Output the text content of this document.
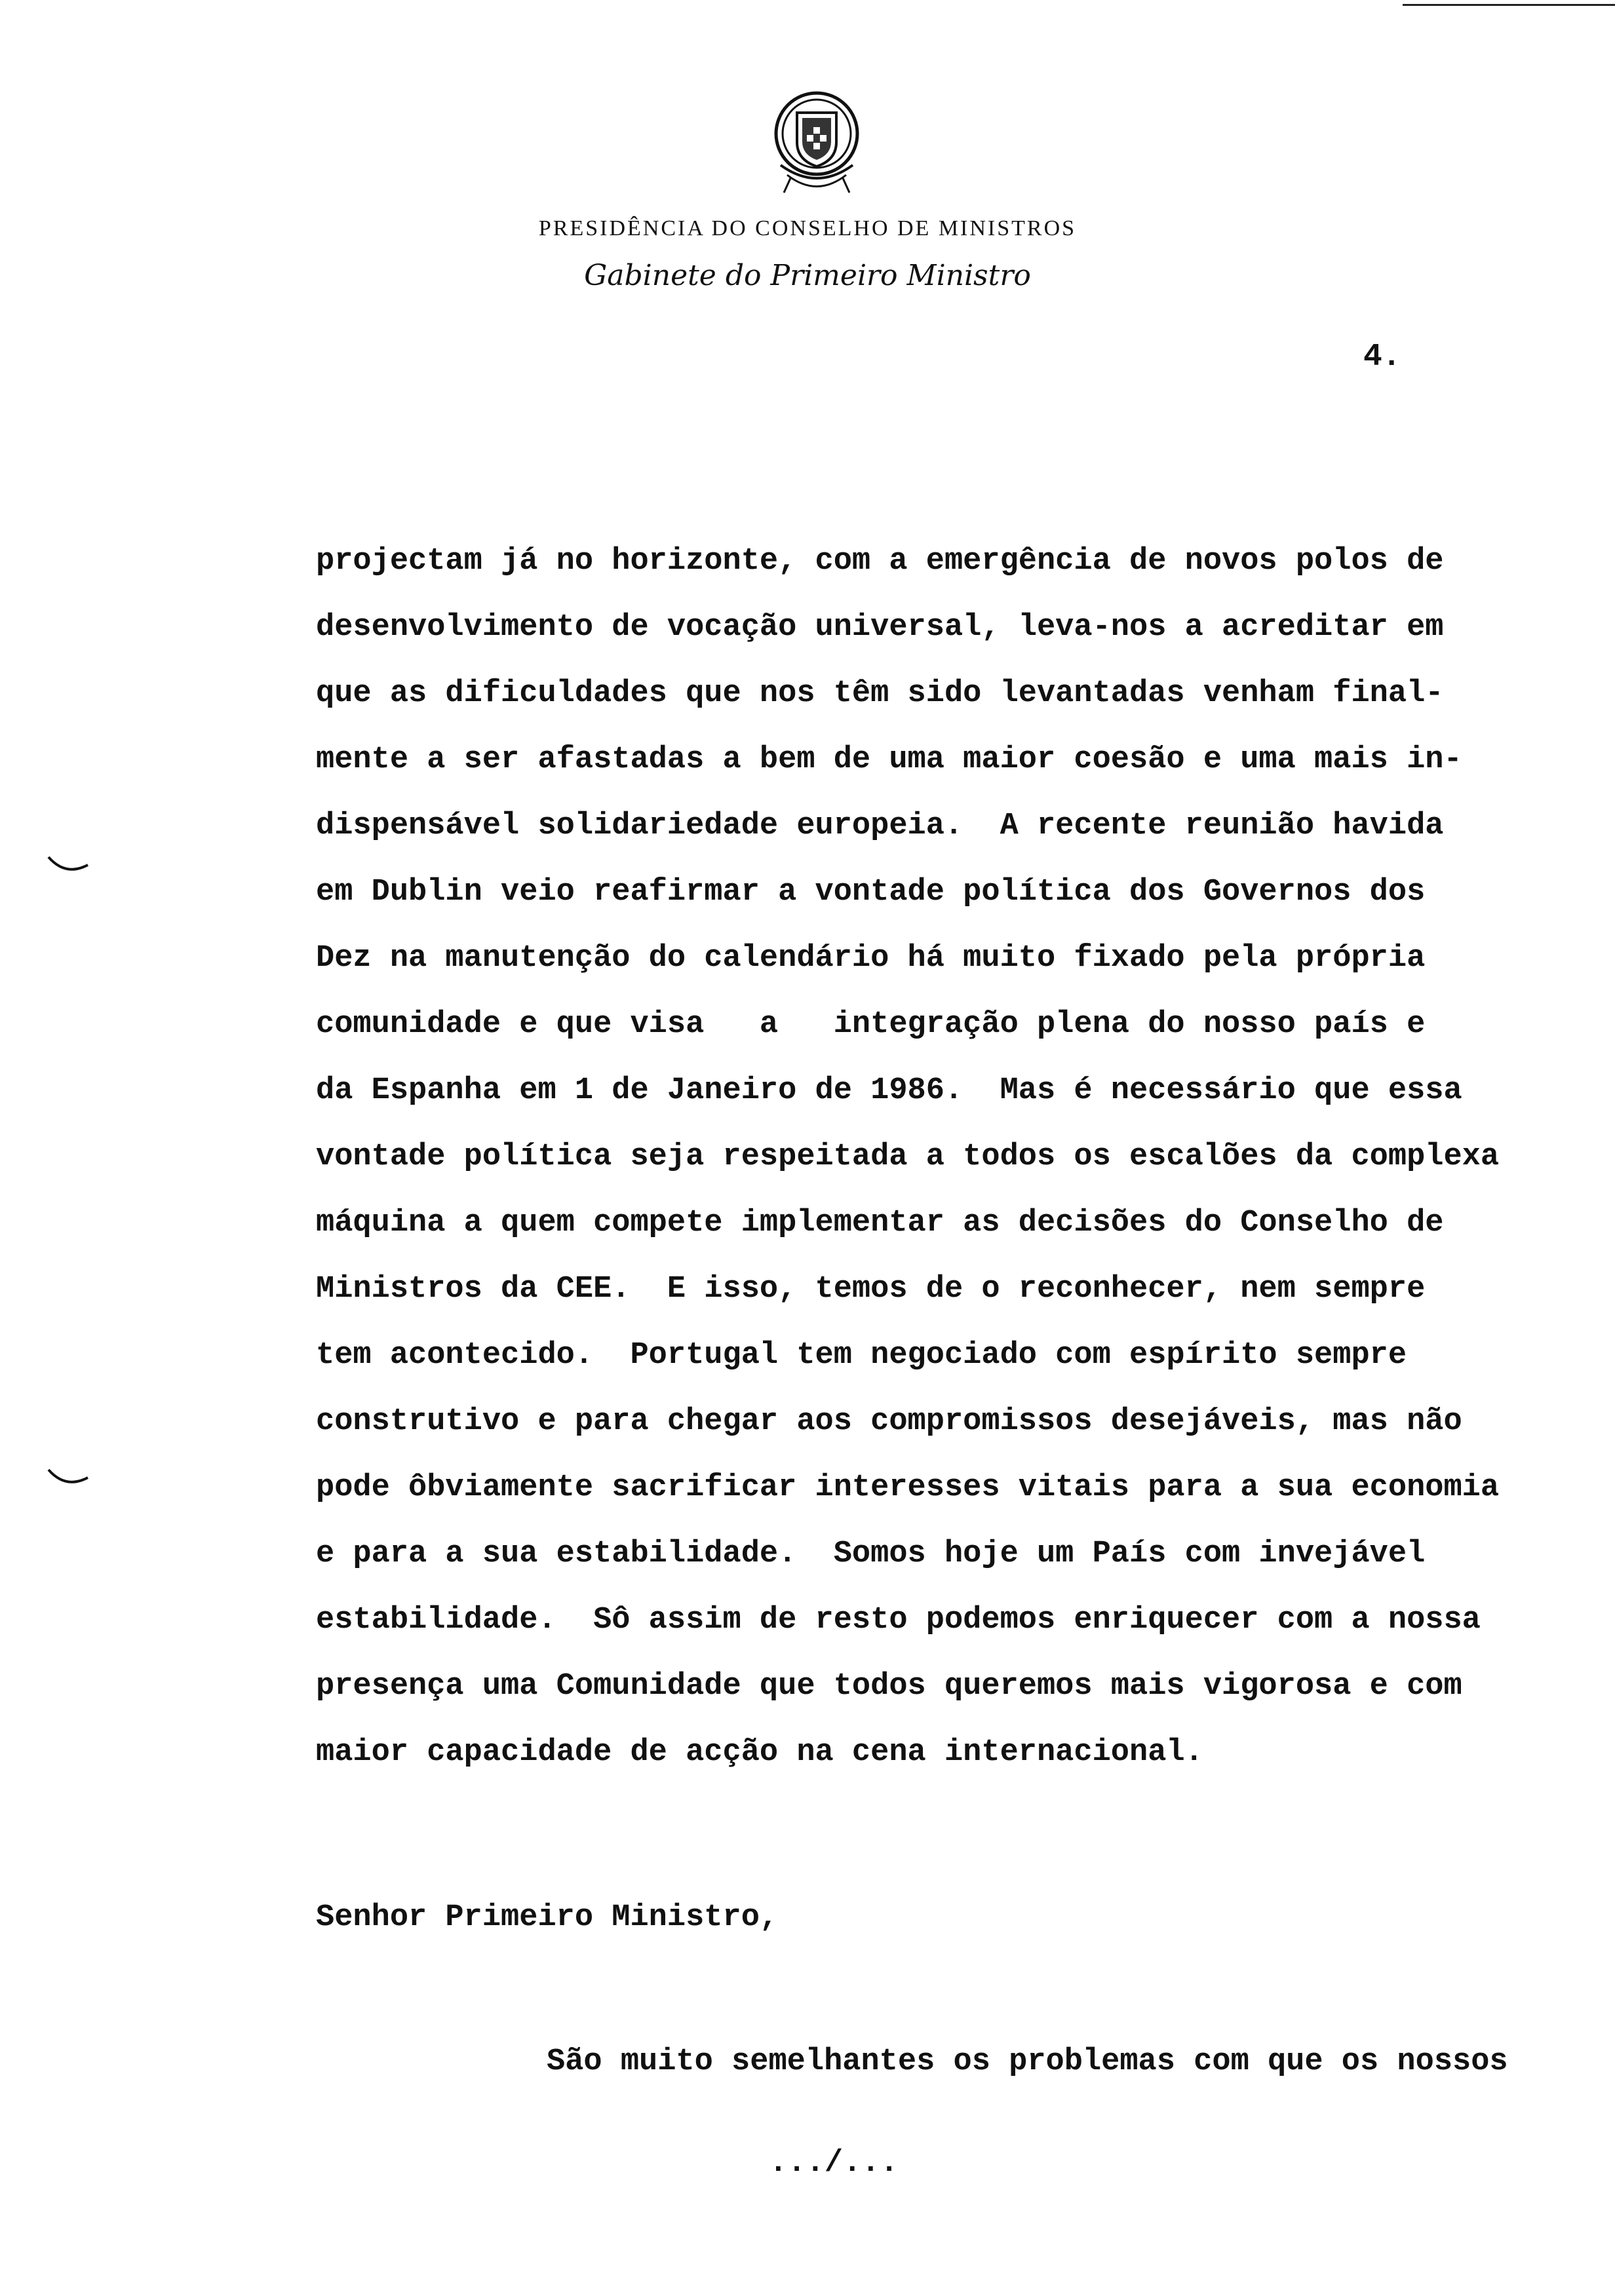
PRESIDÊNCIA DO CONSELHO DE MINISTROS
Gabinete do Primeiro Ministro
4.
projectam já no horizonte, com a emergência de novos polos de
desenvolvimento de vocação universal, leva-nos a acreditar em
que as dificuldades que nos têm sido levantadas venham final-
mente a ser afastadas a bem de uma maior coesão e uma mais in-
dispensável solidariedade europeia.  A recente reunião havida
em Dublin veio reafirmar a vontade política dos Governos dos
Dez na manutenção do calendário há muito fixado pela própria
comunidade e que visa   a   integração plena do nosso país e
da Espanha em 1 de Janeiro de 1986.  Mas é necessário que essa
vontade política seja respeitada a todos os escalões da complexa
máquina a quem compete implementar as decisões do Conselho de
Ministros da CEE.  E isso, temos de o reconhecer, nem sempre
tem acontecido.  Portugal tem negociado com espírito sempre
construtivo e para chegar aos compromissos desejáveis, mas não
pode ôbviamente sacrificar interesses vitais para a sua economia
e para a sua estabilidade.  Somos hoje um País com invejável
estabilidade.  Sô assim de resto podemos enriquecer com a nossa
presença uma Comunidade que todos queremos mais vigorosa e com
maior capacidade de acção na cena internacional.
Senhor Primeiro Ministro,
São muito semelhantes os problemas com que os nossos
.../...
